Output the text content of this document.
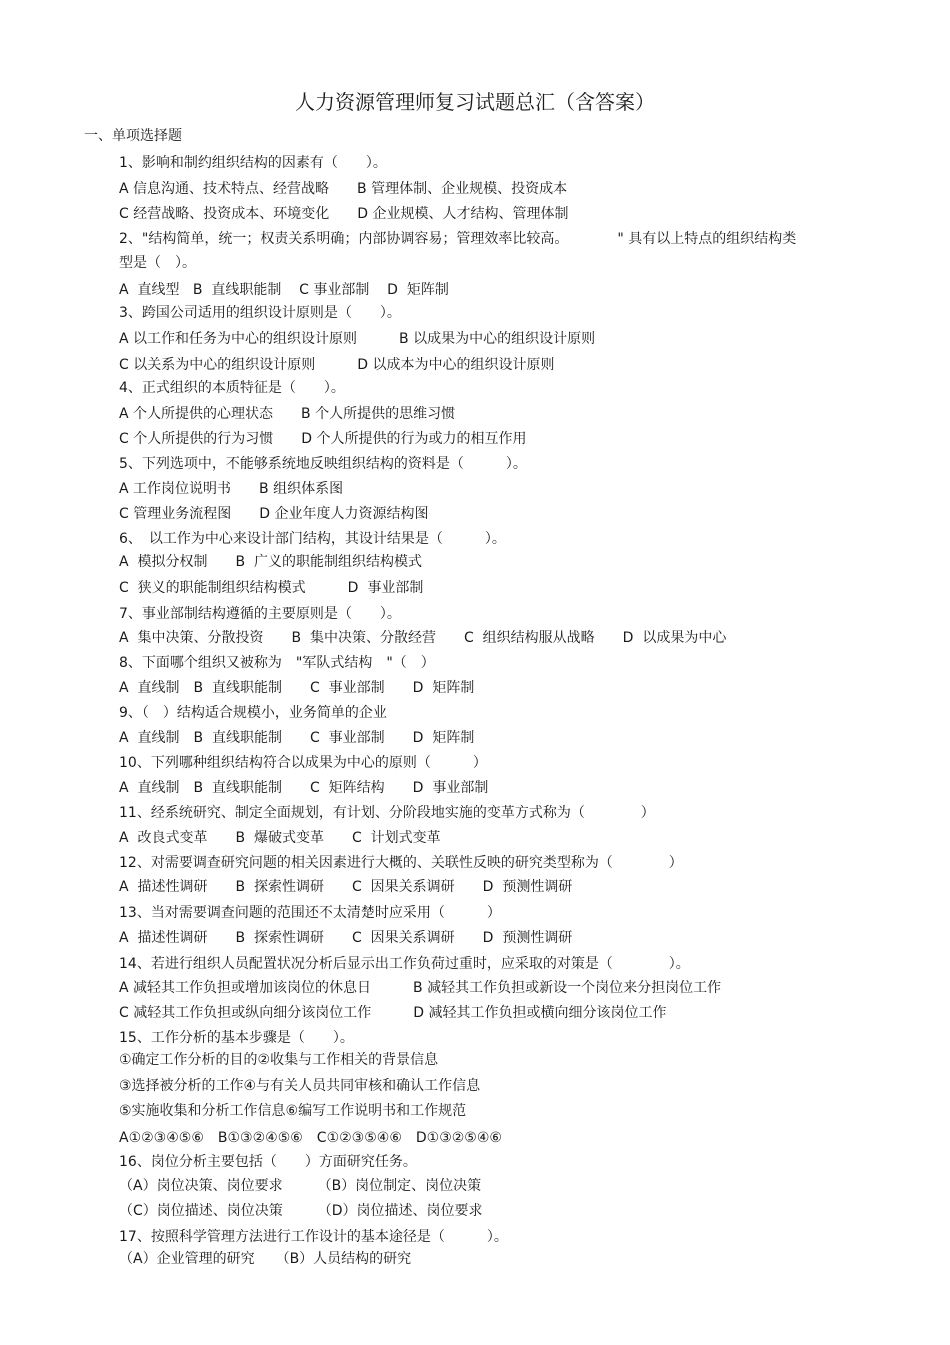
人力资源管理师复习试题总汇（含答案）
一、单项选择题
1、影响和制约组织结构的因素有（　　）。
A 信息沟通、技术特点、经营战略　　B 管理体制、企业规模、投资成本
C 经营战略、投资成本、环境变化　　D 企业规模、人才结构、管理体制
2、"结构简单，统一；权责关系明确；内部协调容易；管理效率比较高。　　　　" 具有以上特点的组织结构类
型是（　）。
A  直线型   B  直线职能制    C 事业部制    D  矩阵制
3、跨国公司适用的组织设计原则是（　　）。
A 以工作和任务为中心的组织设计原则　　　B 以成果为中心的组织设计原则
C 以关系为中心的组织设计原则　　　D 以成本为中心的组织设计原则
4、正式组织的本质特征是（　　）。
A 个人所提供的心理状态　　B 个人所提供的思维习惯
C 个人所提供的行为习惯　　D 个人所提供的行为或力的相互作用
5、下列选项中，不能够系统地反映组织结构的资料是（　　　）。
A 工作岗位说明书　　B 组织体系图
C 管理业务流程图　　D 企业年度人力资源结构图
6、　以工作为中心来设计部门结构，其设计结果是（　　　）。
A  模拟分权制　　B  广义的职能制组织结构模式
C  狭义的职能制组织结构模式　　　D  事业部制
7、事业部制结构遵循的主要原则是（　　）。
A  集中决策、分散投资　　B  集中决策、分散经营　　C  组织结构服从战略　　D  以成果为中心
8、下面哪个组织又被称为　"军队式结构　"（　）
A  直线制　B  直线职能制　　C  事业部制　　D  矩阵制
9、（　）结构适合规模小，业务简单的企业
A  直线制　B  直线职能制　　C  事业部制　　D  矩阵制
10、下列哪种组织结构符合以成果为中心的原则（　　　）
A  直线制　B  直线职能制　　C  矩阵结构　　D  事业部制
11、经系统研究、制定全面规划，有计划、分阶段地实施的变革方式称为（　　　　）
A  改良式变革　　B  爆破式变革　　C  计划式变革
12、对需要调查研究问题的相关因素进行大概的、关联性反映的研究类型称为（　　　　）
A  描述性调研　　B  探索性调研　　C  因果关系调研　　D  预测性调研
13、当对需要调查问题的范围还不太清楚时应采用（　　　）
A  描述性调研　　B  探索性调研　　C  因果关系调研　　D  预测性调研
14、若进行组织人员配置状况分析后显示出工作负荷过重时，应采取的对策是（　　　　）。
A 减轻其工作负担或增加该岗位的休息日　　　B 减轻其工作负担或新设一个岗位来分担岗位工作
C 减轻其工作负担或纵向细分该岗位工作　　　D 减轻其工作负担或横向细分该岗位工作
15、工作分析的基本步骤是（　　）。
①确定工作分析的目的②收集与工作相关的背景信息
③选择被分析的工作④与有关人员共同审核和确认工作信息
⑤实施收集和分析工作信息⑥编写工作说明书和工作规范
A①②③④⑤⑥　B①③②④⑤⑥　C①②③⑤④⑥　D①③②⑤④⑥
16、岗位分析主要包括（　　）方面研究任务。
（A）岗位决策、岗位要求　　　（B）岗位制定、岗位决策
（C）岗位描述、岗位决策　　　（D）岗位描述、岗位要求
17、按照科学管理方法进行工作设计的基本途径是（　　　）。
（A）企业管理的研究　　（B）人员结构的研究
